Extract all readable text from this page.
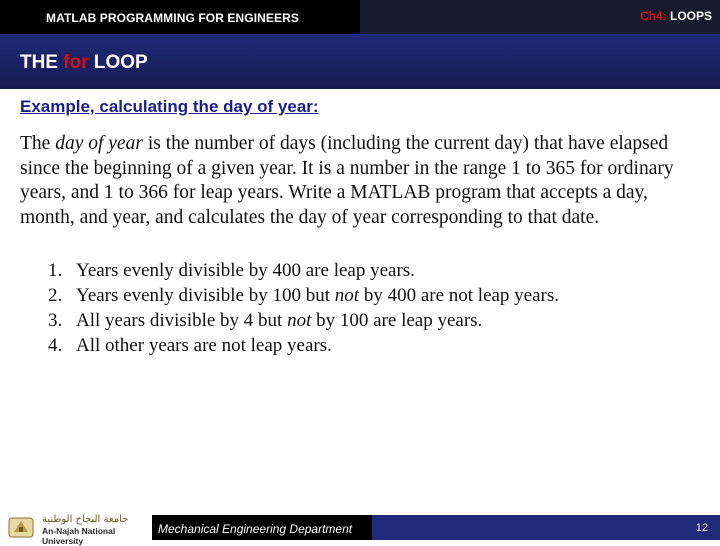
MATLAB PROGRAMMING FOR ENGINEERS	Ch4: LOOPS
THE for LOOP
Example, calculating the day of year:

The day of year is the number of days (including the current day) that have elapsed since the beginning of a given year. It is a number in the range 1 to 365 for ordinary years, and 1 to 366 for leap years. Write a MATLAB program that accepts a day, month, and year, and calculates the day of year corresponding to that date.

1. Years evenly divisible by 400 are leap years.
2. Years evenly divisible by 100 but not by 400 are not leap years.
3. All years divisible by 4 but not by 100 are leap years.
4. All other years are not leap years.
جامعة النجاح الوطنية
An-Najah National University
Mechanical Engineering Department	12
